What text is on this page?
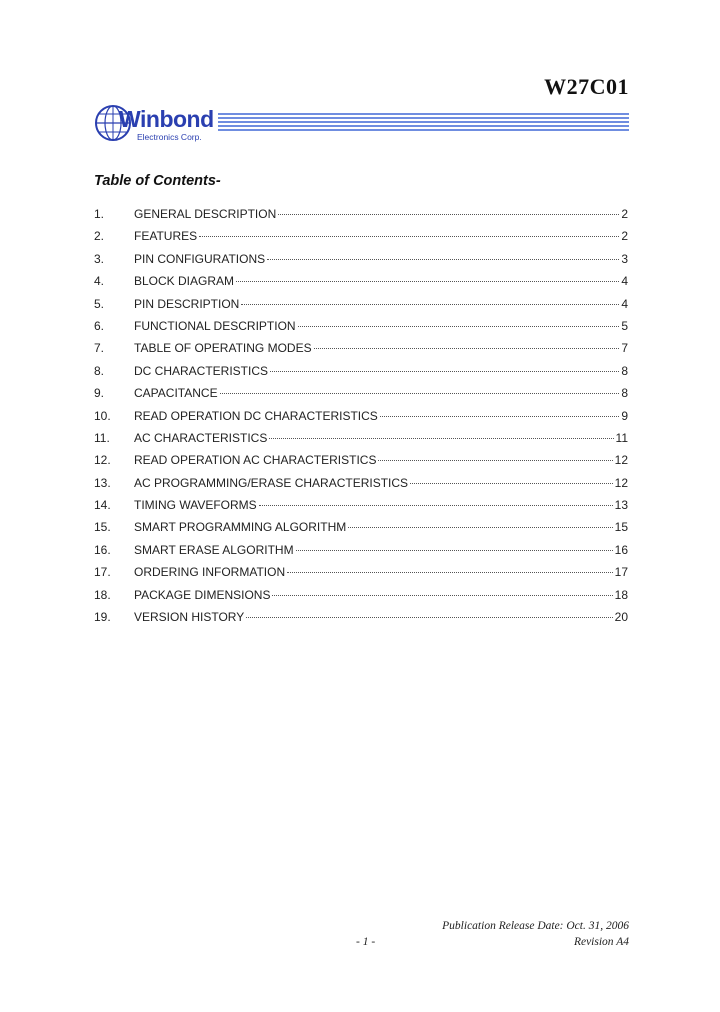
W27C01
Winbond
Electronics Corp.
Table of Contents-
1.	GENERAL DESCRIPTION	2
2.	FEATURES	2
3.	PIN CONFIGURATIONS	3
4.	BLOCK DIAGRAM	4
5.	PIN DESCRIPTION	4
6.	FUNCTIONAL DESCRIPTION	5
7.	TABLE OF OPERATING MODES	7
8.	DC CHARACTERISTICS	8
9.	CAPACITANCE	8
10.	READ OPERATION DC CHARACTERISTICS	9
11.	AC CHARACTERISTICS	11
12.	READ OPERATION AC CHARACTERISTICS	12
13.	AC PROGRAMMING/ERASE CHARACTERISTICS	12
14.	TIMING WAVEFORMS	13
15.	SMART PROGRAMMING ALGORITHM	15
16.	SMART ERASE ALGORITHM	16
17.	ORDERING INFORMATION	17
18.	PACKAGE DIMENSIONS	18
19.	VERSION HISTORY	20
Publication Release Date: Oct. 31, 2006
- 1 -	Revision A4
